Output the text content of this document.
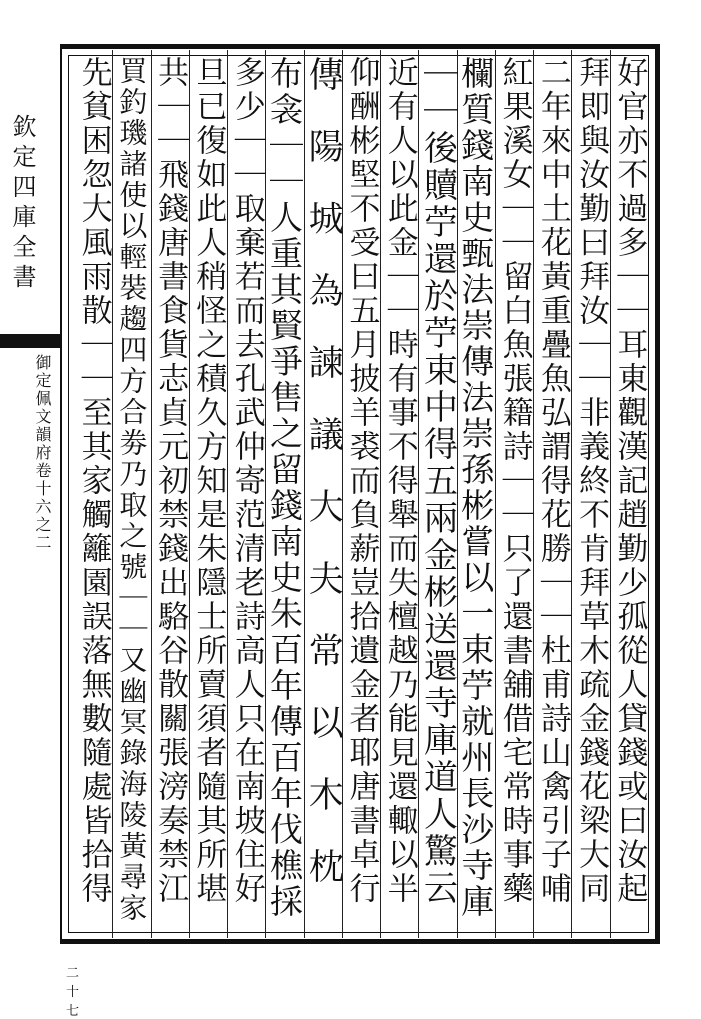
欽定四庫全書
御定佩文韻府卷十六之二
二十七
好官亦不過多｜｜耳東觀漢記趙勤少孤從人貸錢或曰汝起
拜即與汝勤曰拜汝｜｜非義終不肯拜草木疏金錢花梁大同
二年來中土花黃重疊魚弘謂得花勝｜｜杜甫詩山禽引子哺
紅果溪女｜｜留白魚張籍詩｜｜只了還書舖借宅常時事藥
欄質錢南史甄法崇傳法崇孫彬嘗以一束苧就州長沙寺庫
｜｜後贖苧還於苧束中得五兩金彬送還寺庫道人驚云
近有人以此金｜｜時有事不得舉而失檀越乃能見還輙以半
仰酬彬堅不受曰五月披羊裘而負薪豈拾遺金者耶唐書卓行
傳陽城為諫議大夫常以木枕
布衾｜｜人重其賢爭售之留錢南史朱百年傳百年伐樵採
多少｜｜取棄若而去孔武仲寄范清老詩高人只在南坡住好
旦已復如此人稍怪之積久方知是朱隱士所賣須者隨其所堪
共｜｜飛錢唐書食貨志貞元初禁錢出駱谷散關張滂奏禁江
買釣璣諸使以輕裝趨四方合劵乃取之號｜｜又幽冥錄海陵黃尋家
先貧困忽大風雨散｜｜至其家觸籬園誤落無數隨處皆拾得
